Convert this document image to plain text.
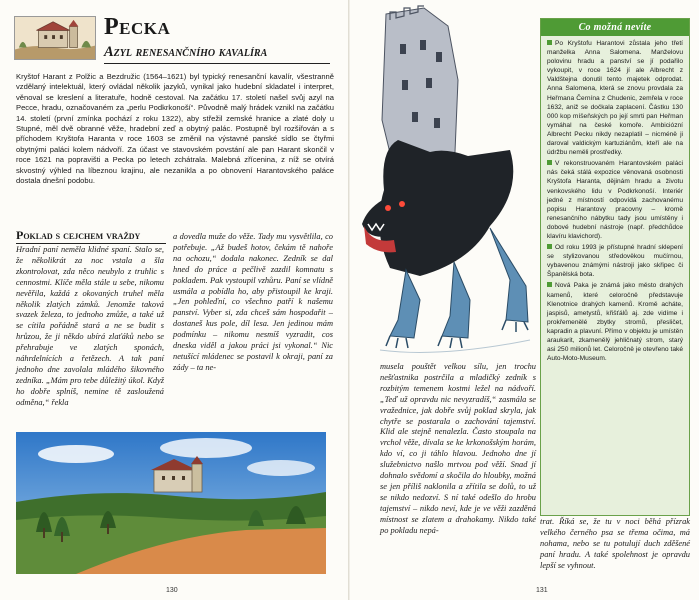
Pecka
Azyl renesančního kavalíra
Kryštof Harant z Polžic a Bezdružic (1564–1621) byl typický renesanční kavalír, všestranně vzdělaný intelektuál, který ovládal několik jazyků, vynikal jako hudební skladatel i interpret, věnoval se kreslení a literatuře, hodně cestoval. Na začátku 17. století našel svůj azyl na Pecce, hradu, označovaném za „perlu Podkrkonoší“. Původně malý hrádek vznikl na začátku 14. století (první zmínka pochází z roku 1322), aby střežil zemské hranice a zlaté doly u Stupné, měl dvě obranné věže, hradební zeď a obytný palác. Postupně byl rozšiřován a s příchodem Kryštofa Haranta v roce 1603 se změnil na výstavné panské sídlo se čtyřmi obytnými paláci kolem nádvoří. Za účast ve stavovském povstání ale pan Harant skončil v roce 1621 na popravišti a Pecka po letech zchátrala. Malebná zřícenina, z níž se otvírá skvostný výhled na líbeznou krajinu, ale nezanikla a po obnovení Harantovského paláce dostala dnešní podobu.
Poklad s cejchem vraždy
Hradní paní nemělа klidné spaní. Stalo se, že několikrát za noc vstala a šla zkontrolovat, zda něco neubylo z truhlic s cennostmi. Klíče měla stále u sebe, nikomu nevěřila, každá z okovaných truhel měla několik zlatých zámků. Jenomže taková svazek železa, to jednoho zmůže, a také už se cítila pořádně stará a ne se budit s hrůzou, že ji někdo ubírá zlaťáků nebo se přehrabuje ve zlatých sponách, náhrdelnících a řetězech. A tak paní jednoho dne zavolala mládého šikovného zedníka. „Mám pro tebe důležitý úkol. Když ho dobře splníš, nemine tě zasloužená odměna,“ řekla
a dovedla muže do věže. Tady mu vysvětlila, co potřebuje. „Až budeš hotov, čekám tě nahoře na ochozu,“ dodala nakonec. Zedník se dal hned do práce a pečlivě zazdil komnatu s pokladem. Pak vystoupil vzhůru. Paní se vlídně usmála a pobídla ho, aby přistoupil ke kraji. „Jen pohleďní, co všechno patří k našemu panství. Vyber si, zda chceš sám hospodařit – dostaneš kus pole, díl lesa. Jen jedinou mám podmínku – nikomu nesmíš vyzradit, cos dneska viděl a jakou práci jsi vykonal.“ Nic netušící mládenec se postavil k okraji, paní za zády – ta ne-
130
Co možná nevíte

Po Kryštofu Harantovi zůstala jeho třetí manželka Anna Salomena. Manželovu polovinu hradu a panství se jí podařilo vykoupit, v roce 1624 jí ale Albrecht z Valdštejna donutil tento majetek odprodat. Anna Salomena, která se znovu provdala za Heřmana Černína z Chudenic, zemřela v roce 1632, aniž se dočkala zaplacení. Částku 130 000 kop míšeňských po její smrti pan Heřman vymáhal na české komoře. Ambiciózní Albrecht Pecku nikdy nezaplatil – nicméně ji daroval valdickým kartuziánům, kteří ale na údržbu neměli prostředky.

V rekonstruovaném Harantovském paláci nás čeká stálá expozice věnovaná osobnosti Kryštofa Haranta, dějinám hradu a životu venkovského lidu v Podkrkonoší. Interiér jedné z místností odpovídá zachovanému popisu Harantovy pracovny – kromě renesančního nábytku tady jsou umístěny i dobové hudební nástroje (např. předchůdce klavíru klavichord).

Od roku 1993 je přístupné hradní sklepení se stylizovanou středověkou mučírnou, vybavenou známými nástroji jako skřipec či Španělská bota.

Nová Paka je známá jako město drahých kamenů, které celoročně představuje Klenotnice drahých kamenů. Kromě acháte, jaspisů, ametystů, křišťálů aj. zde vidíme i prokřemenělé zbytky stromů, přesličet, kapradin a plavuní. Přímo v objektu je umístěn araukarit, zkamenělý jehličnatý strom, starý asi 250 milionů let. Celoročně je otevřeno také Auto-Moto-Museum.

musela pouštět velkou sílu, jen trochu nešťastnika postrčila a mladičký zedník s rozbitým temenem kostmi ležel na nádvoří. „Teď už opravdu nic nevyzradíš,“ zasmála se vražednice, jak dobře svůj poklad skryla, jak chytře se postarala o zachování tajemství. Klid ale stejně nenalezla. Často stoupala na vrchol věže, dívala se ke krkonošským horám, kdo ví, co ji táhlo hlavou. Jednoho dne jí služebnictvo našlo mrtvou pod věží. Snad jí dohnalo svědomí a skočila do hloubky, možná se jen příliš naklonila a zřítila se dolů, to už se nikdo nedozví. S ní také odešlo do hrobu tajemství – nikdo neví, kde je ve věži zazděná místnost se zlatem a drahokamy. Nikdo také po pokladu nepá-
trat. Říká se, že tu v noci běhá přízrak velkého černého psa se třema očima, má nohama, nebo se tu potulují duch zděšené paní hradu. A také spolehnost je opravdu lepší se vyhnout.
131
